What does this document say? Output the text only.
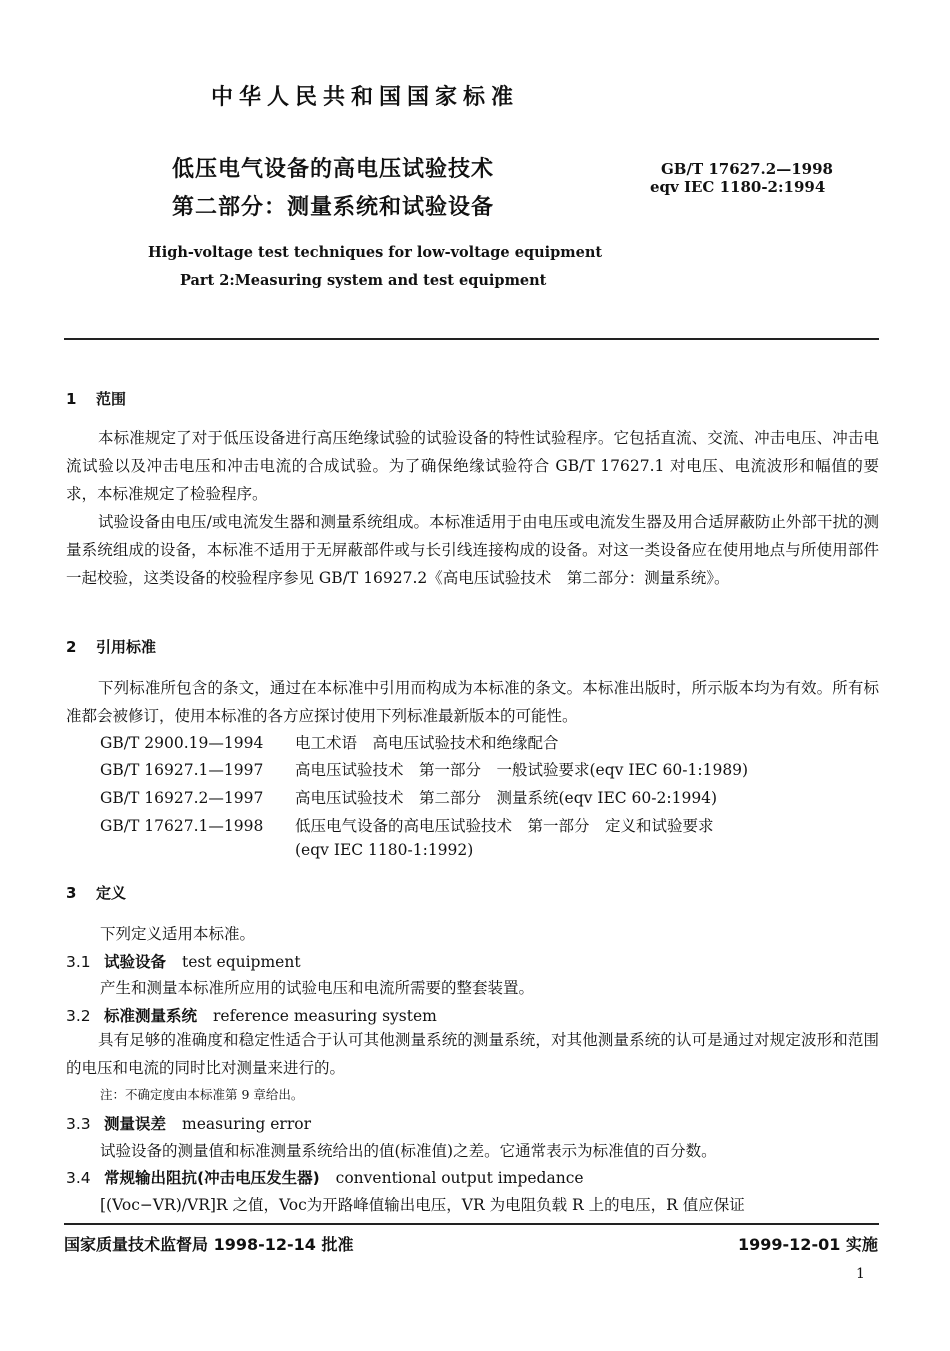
中华人民共和国国家标准
低压电气设备的高电压试验技术
第二部分：测量系统和试验设备
GB/T 17627.2—1998
eqv IEC 1180-2:1994
High-voltage test techniques for low-voltage equipment
Part 2:Measuring system and test equipment
1 范围

本标准规定了对于低压设备进行高压绝缘试验的试验设备的特性试验程序。它包括直流、交流、冲击电压、冲击电流试验以及冲击电压和冲击电流的合成试验。为了确保绝缘试验符合 GB/T 17627.1 对电压、电流波形和幅值的要求，本标准规定了检验程序。

试验设备由电压/或电流发生器和测量系统组成。本标准适用于由电压或电流发生器及用合适屏蔽防止外部干扰的测量系统组成的设备，本标准不适用于无屏蔽部件或与长引线连接构成的设备。对这一类设备应在使用地点与所使用部件一起校验，这类设备的校验程序参见 GB/T 16927.2《高电压试验技术　第二部分：测量系统》。

2 引用标准

下列标准所包含的条文，通过在本标准中引用而构成为本标准的条文。本标准出版时，所示版本均为有效。所有标准都会被修订，使用本标准的各方应探讨使用下列标准最新版本的可能性。

GB/T 2900.19—1994 电工术语　高电压试验技术和绝缘配合
GB/T 16927.1—1997 高电压试验技术　第一部分　一般试验要求(eqv IEC 60-1:1989)
GB/T 16927.2—1997 高电压试验技术　第二部分　测量系统(eqv IEC 60-2:1994)
GB/T 17627.1—1998 低压电气设备的高电压试验技术　第一部分　定义和试验要求
(eqv IEC 1180-1:1992)
3 定义
下列定义适用本标准。
3.1 试验设备 test equipment
产生和测量本标准所应用的试验电压和电流所需要的整套装置。
3.2 标准测量系统 reference measuring system

具有足够的准确度和稳定性适合于认可其他测量系统的测量系统，对其他测量系统的认可是通过对规定波形和范围的电压和电流的同时比对测量来进行的。

注：不确定度由本标准第 9 章给出。
3.3 测量误差 measuring error
试验设备的测量值和标准测量系统给出的值(标准值)之差。它通常表示为标准值的百分数。
3.4 常规输出阻抗(冲击电压发生器) conventional output impedance
[(Voc−VR)/VR]R 之值，Voc为开路峰值输出电压，VR 为电阻负载 R 上的电压，R 值应保证
国家质量技术监督局 1998-12-14 批准	1999-12-01 实施
1
